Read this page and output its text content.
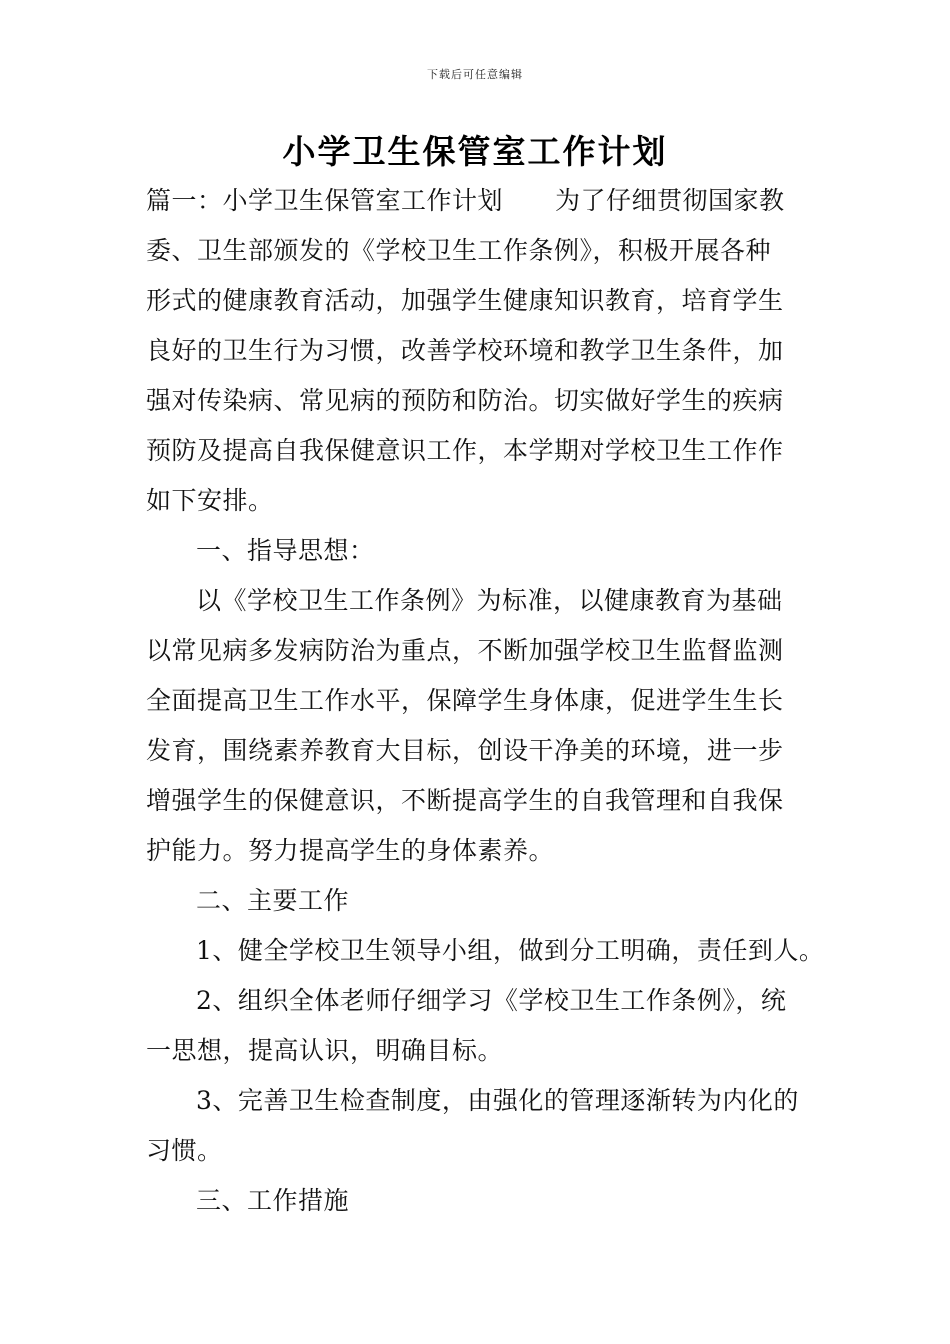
下载后可任意编辑
小学卫生保管室工作计划
篇一：小学卫生保管室工作计划 为了仔细贯彻国家教
委、卫生部颁发的《学校卫生工作条例》，积极开展各种
形式的健康教育活动，加强学生健康知识教育，培育学生
良好的卫生行为习惯，改善学校环境和教学卫生条件，加
强对传染病、常见病的预防和防治。切实做好学生的疾病
预防及提高自我保健意识工作，本学期对学校卫生工作作
如下安排。
一、指导思想：
以《学校卫生工作条例》为标准，以健康教育为基础
以常见病多发病防治为重点，不断加强学校卫生监督监测
全面提高卫生工作水平，保障学生身体康，促进学生生长
发育，围绕素养教育大目标，创设干净美的环境，进一步
增强学生的保健意识，不断提高学生的自我管理和自我保
护能力。努力提高学生的身体素养。
二、主要工作
1、健全学校卫生领导小组，做到分工明确，责任到人。
2、组织全体老师仔细学习《学校卫生工作条例》，统
一思想，提高认识，明确目标。
3、完善卫生检查制度，由强化的管理逐渐转为内化的
习惯。
三、工作措施
